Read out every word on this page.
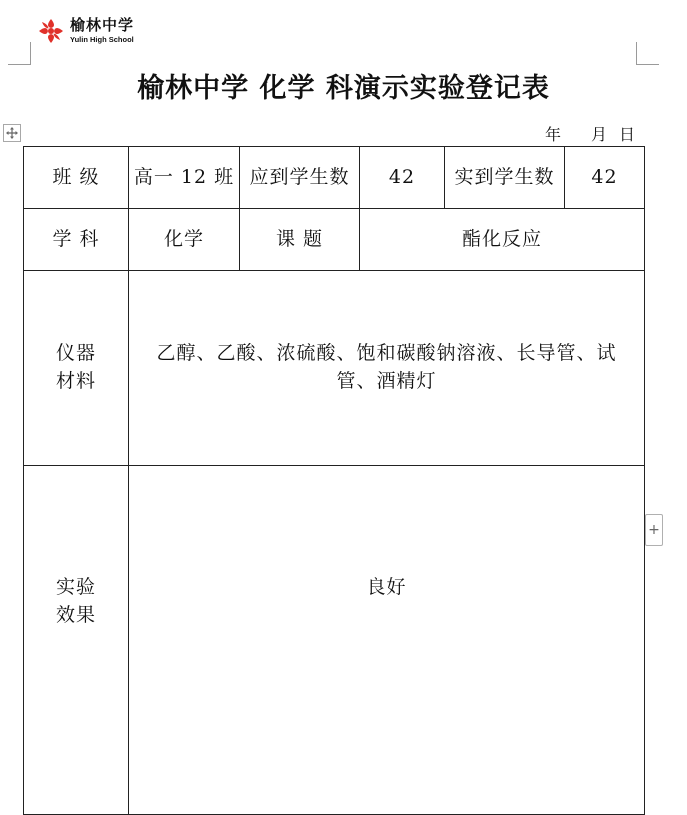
榆林中学
Yulin High School
榆林中学 化学 科演示实验登记表
年 月 日
班 级	高一 12 班	应到学生数	42	实到学生数	42
学 科	化学	课 题	酯化反应		

仪器
材料	乙醇、乙酸、浓硫酸、饱和碳酸钠溶液、长导管、试管、酒精灯				

实验
效果	良好				
+
